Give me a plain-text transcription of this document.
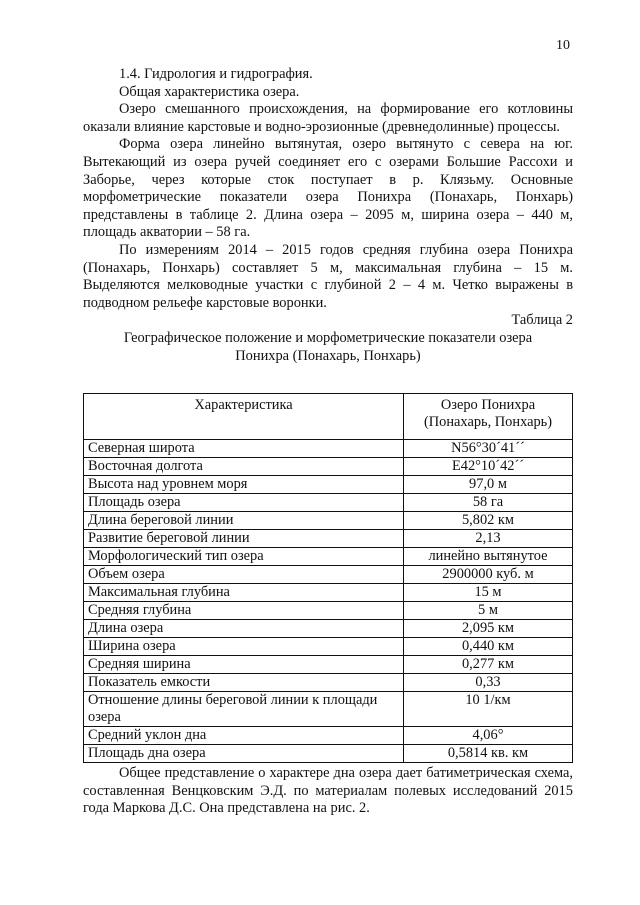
10

1.4. Гидрология и гидрография.

Общая характеристика озера.

Озеро смешанного происхождения, на формирование его котловины оказали влияние карстовые и водно-эрозионные (древнедолинные) процессы.

Форма озера линейно вытянутая, озеро вытянуто с севера на юг. Вытекающий из озера ручей соединяет его с озерами Большие Рассохи и Заборье, через которые сток поступает в р. Клязьму. Основные морфометрические показатели озера Понихра (Понахарь, Понхарь) представлены в таблице 2. Длина озера – 2095 м, ширина озера – 440 м, площадь акватории – 58 га.

По измерениям 2014 – 2015 годов средняя глубина озера Понихра (Понахарь, Понхарь) составляет 5 м, максимальная глубина – 15 м. Выделяются мелководные участки с глубиной 2 – 4 м. Четко выражены в подводном рельефе карстовые воронки.

Таблица 2

Географическое положение и морфометрические показатели озера
Понихра (Понахарь, Понхарь)

Характеристика	Озеро Понихра
(Понахарь, Понхарь)
Северная широта	N56°30´41´´
Восточная долгота	E42°10´42´´
Высота над уровнем моря	97,0 м
Площадь озера	58 га
Длина береговой линии	5,802 км
Развитие береговой линии	2,13
Морфологический тип озера	линейно вытянутое
Объем озера	2900000 куб. м
Максимальная глубина	15 м
Средняя глубина	5 м
Длина озера	2,095 км
Ширина озера	0,440 км
Средняя ширина	0,277 км
Показатель емкости	0,33
Отношение длины береговой линии к площади озера	10 1/км
Средний уклон дна	4,06°
Площадь дна озера	0,5814 кв. км

Общее представление о характере дна озера дает батиметрическая схема, составленная Венцковским Э.Д. по материалам полевых исследований 2015 года Маркова Д.С. Она представлена на рис. 2.
